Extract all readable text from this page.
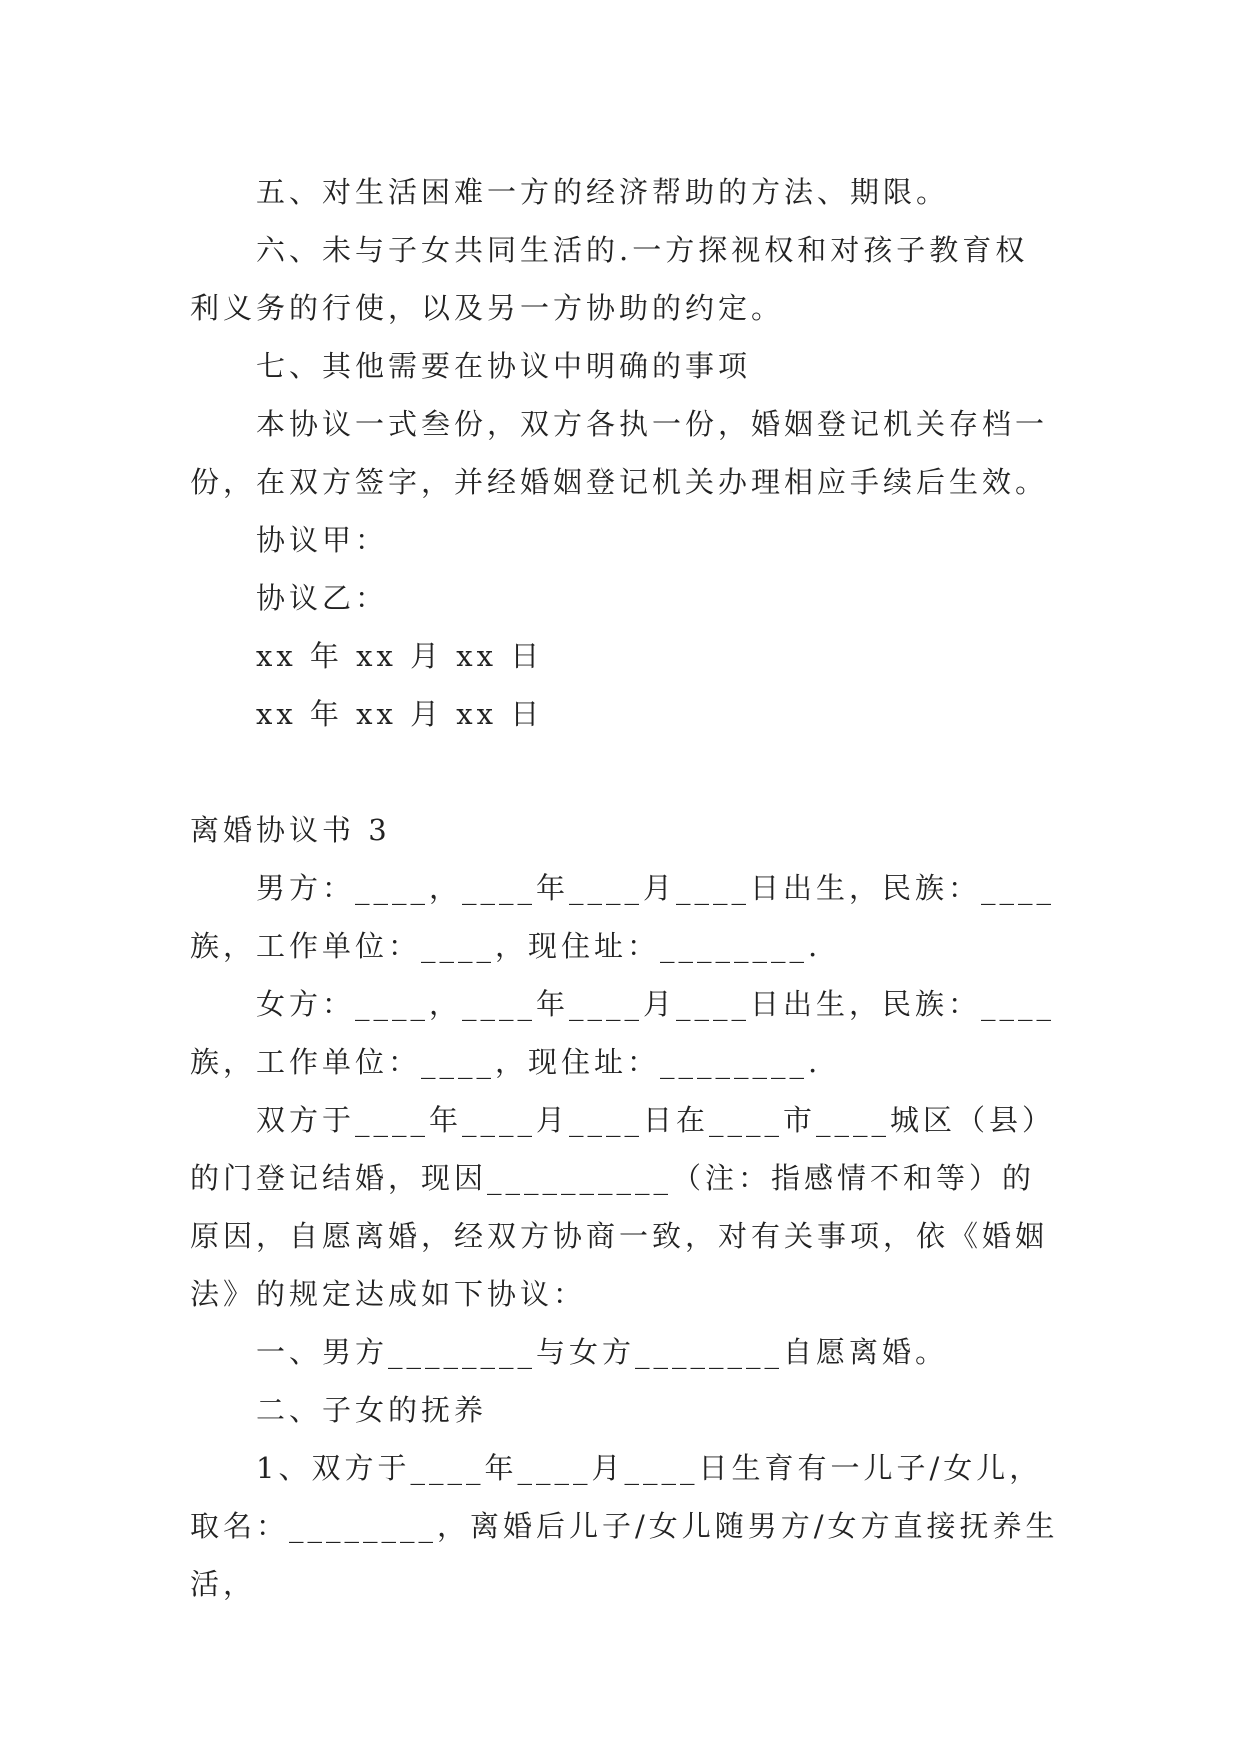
五、对生活困难一方的经济帮助的方法、期限。

六、未与子女共同生活的.一方探视权和对孩子教育权利义务的行使，以及另一方协助的约定。

七、其他需要在协议中明确的事项

本协议一式叁份，双方各执一份，婚姻登记机关存档一份，在双方签字，并经婚姻登记机关办理相应手续后生效。

协议甲：

协议乙：

xx 年 xx 月 xx 日

xx 年 xx 月 xx 日

离婚协议书 3

男方：____，____年____月____日出生，民族：____族，工作单位：____，现住址：________.

女方：____，____年____月____日出生，民族：____族，工作单位：____，现住址：________.

双方于____年____月____日在____市____城区（县）的门登记结婚，现因__________（注：指感情不和等）的原因，自愿离婚，经双方协商一致，对有关事项，依《婚姻法》的规定达成如下协议：

一、男方________与女方________自愿离婚。

二、子女的抚养

1、双方于____年____月____日生育有一儿子/女儿，取名：________，离婚后儿子/女儿随男方/女方直接抚养生活，
